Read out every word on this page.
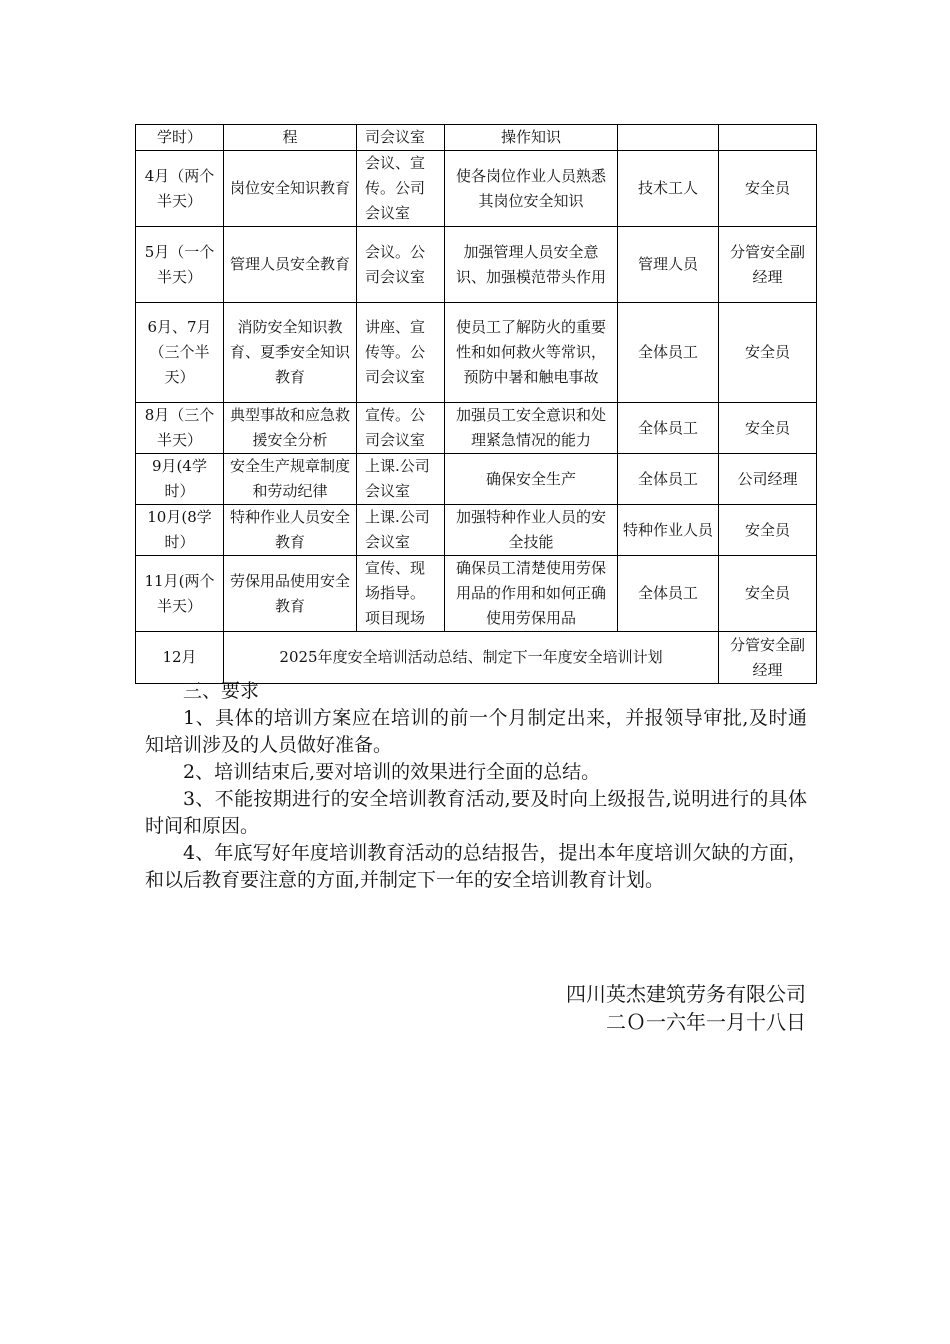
学时）	程	司会议室	操作知识		
4月（两个半天）	岗位安全知识教育	会议、宣传。公司会议室	使各岗位作业人员熟悉其岗位安全知识	技术工人	安全员
5月（一个半天）	管理人员安全教育	会议。公司会议室	加强管理人员安全意识、加强模范带头作用	管理人员	分管安全副经理
6月、7月（三个半天）	消防安全知识教育、夏季安全知识教育	讲座、宣传等。公司会议室	使员工了解防火的重要性和如何救火等常识，预防中暑和触电事故	全体员工	安全员
8月（三个半天）	典型事故和应急救援安全分析	宣传。公司会议室	加强员工安全意识和处理紧急情况的能力	全体员工	安全员
9月(4学时）	安全生产规章制度和劳动纪律	上课.公司会议室	确保安全生产	全体员工	公司经理
10月(8学时）	特种作业人员安全教育	上课.公司会议室	加强特种作业人员的安全技能	特种作业人员	安全员
11月(两个半天）	劳保用品使用安全教育	宣传、现场指导。项目现场	确保员工清楚使用劳保用品的作用和如何正确使用劳保用品	全体员工	安全员
12月	2025年度安全培训活动总结、制定下一年度安全培训计划				分管安全副经理

三、要求

1、具体的培训方案应在培训的前一个月制定出来，并报领导审批,及时通知培训涉及的人员做好准备。

2、培训结束后,要对培训的效果进行全面的总结。

3、不能按期进行的安全培训教育活动,要及时向上级报告,说明进行的具体时间和原因。

4、年底写好年度培训教育活动的总结报告，提出本年度培训欠缺的方面，和以后教育要注意的方面,并制定下一年的安全培训教育计划。

四川英杰建筑劳务有限公司
二Ｏ一六年一月十八日
